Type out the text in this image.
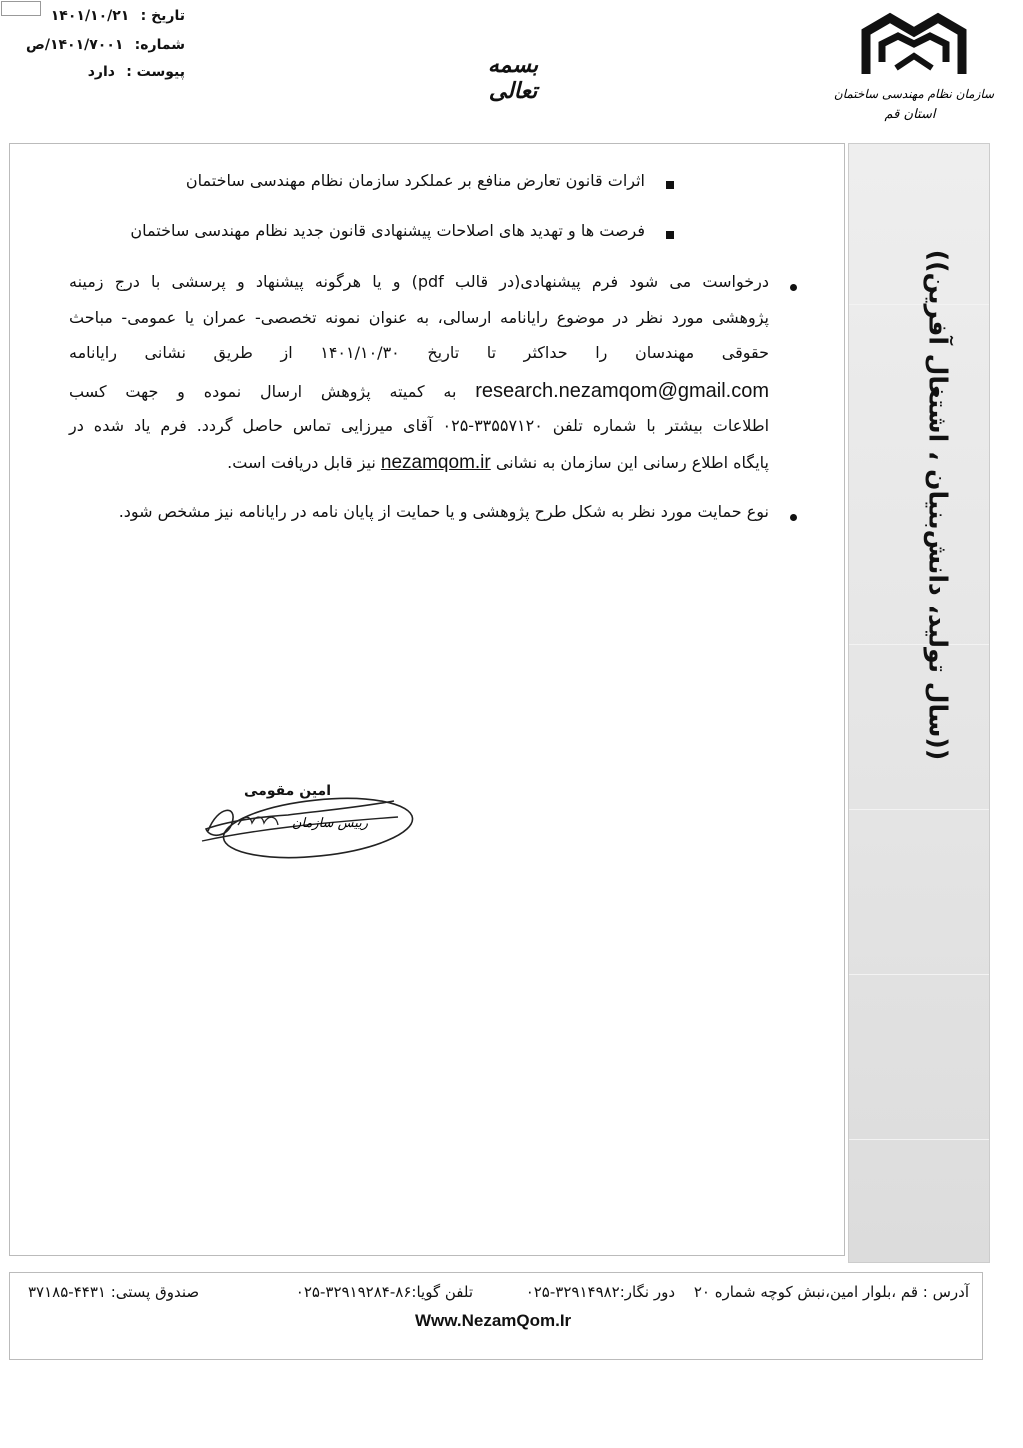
تاریخ : ۱۴۰۱/۱۰/۲۱
شماره: ۱۴۰۱/۷۰۰۱/ص
پیوست : دارد	بسمه تعالی	سازمان نظام مهندسی ساختمان
استان قم
((سال تولید، دانش‌بنیان ، اشتغال آفرین))
اثرات قانون تعارض منافع بر عملکرد سازمان نظام مهندسی ساختمان
فرصت ها و تهدید های اصلاحات پیشنهادی قانون جدید نظام مهندسی ساختمان
درخواست می شود فرم پیشنهادی(در قالب pdf) و یا هرگونه پیشنهاد و پرسشی با درج زمینه
پژوهشی مورد نظر در موضوع رایانامه ارسالی، به عنوان نمونه تخصصی- عمران یا عمومی- مباحث
حقوقی مهندسان را حداکثر تا تاریخ ۱۴۰۱/۱۰/۳۰ از طریق نشانی رایانامه
research.nezamqom@gmail.com به کمیته پژوهش ارسال نموده و جهت کسب
اطلاعات بیشتر با شماره تلفن ۳۳۵۵۷۱۲۰-۰۲۵ آقای میرزایی تماس حاصل گردد. فرم یاد شده در
پایگاه اطلاع رسانی این سازمان به نشانی nezamqom.ir نیز قابل دریافت است.
نوع حمایت مورد نظر به شکل طرح پژوهشی و یا حمایت از پایان نامه در رایانامه نیز مشخص شود.
امین مقومی
رییس سازمان
آدرس : قم ،بلوار امین،نبش کوچه شماره ۲۰
دور نگار:۳۲۹۱۴۹۸۲-۰۲۵
تلفن گویا:۸۶-۳۲۹۱۹۲۸۴-۰۲۵
صندوق پستی: ۴۴۳۱-۳۷۱۸۵
Www.NezamQom.Ir
